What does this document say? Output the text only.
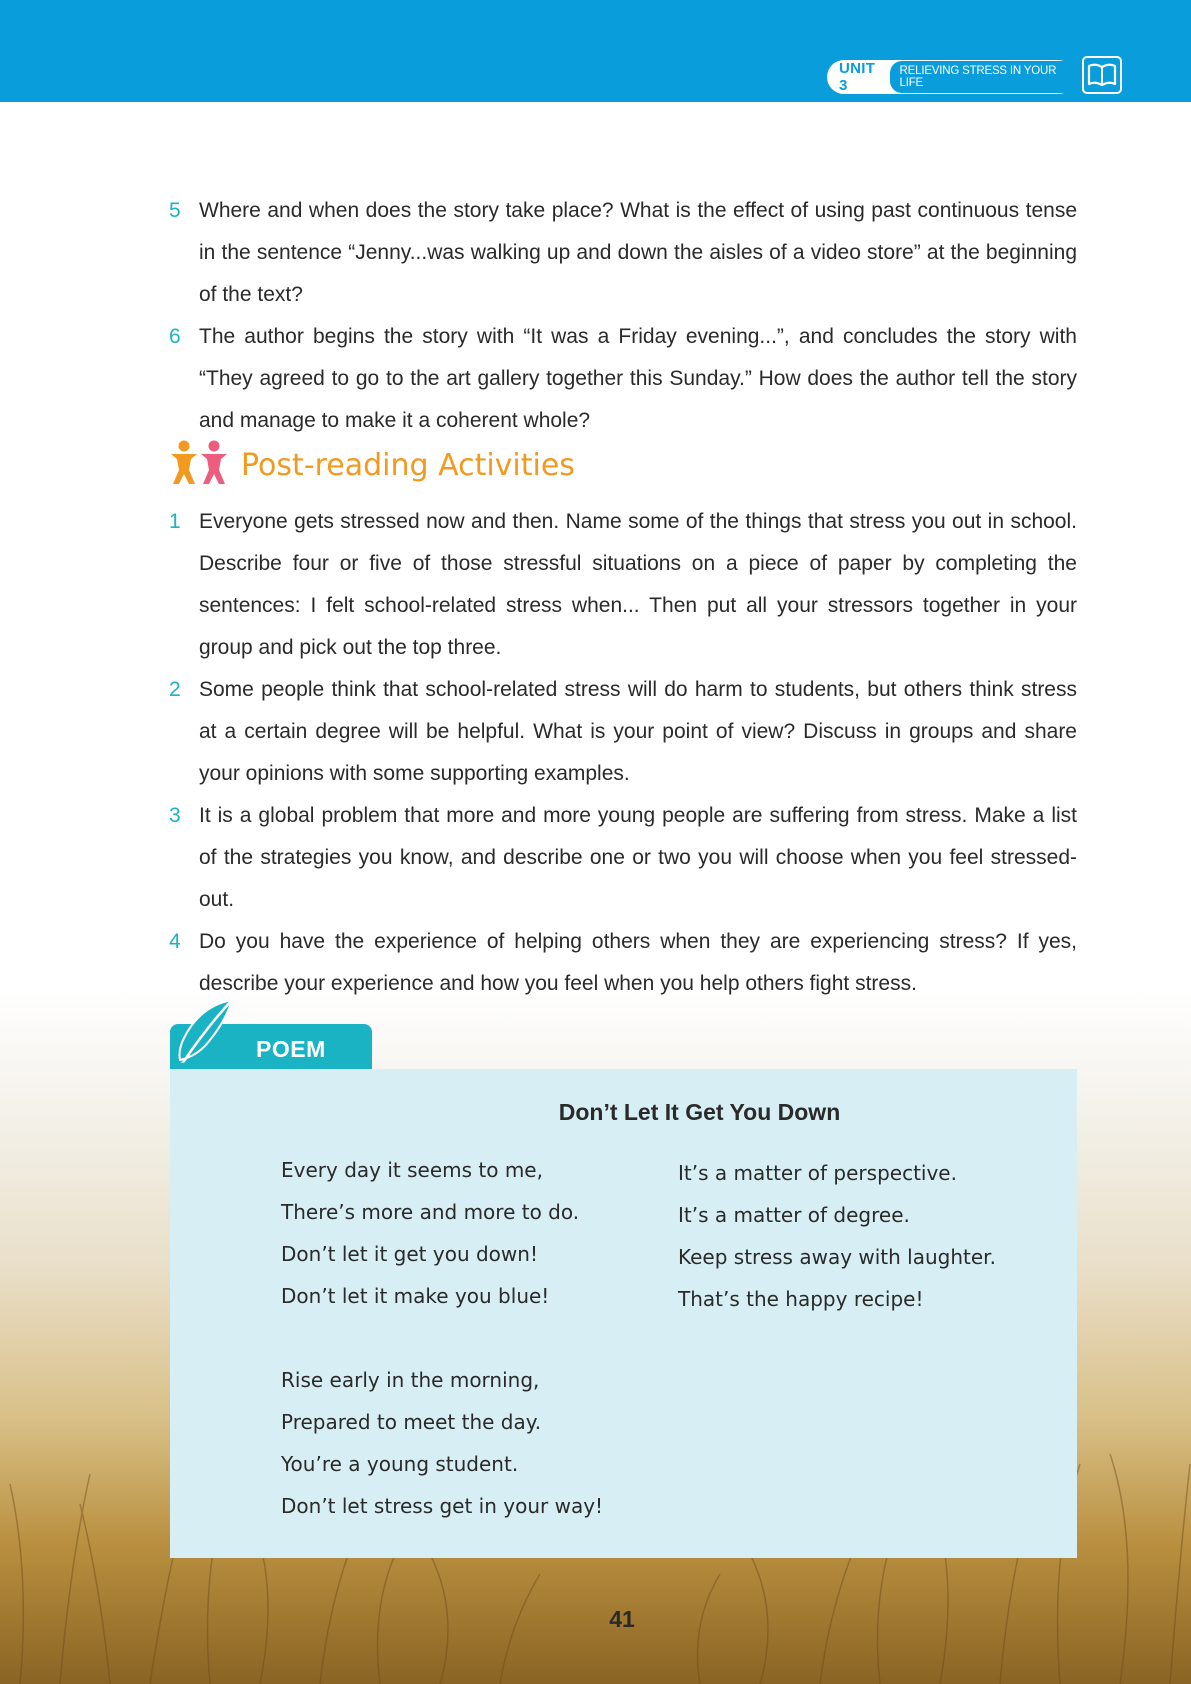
UNIT 3
RELIEVING STRESS IN YOUR LIFE
5 Where and when does the story take place? What is the effect of using past continuous tense in the sentence “Jenny...was walking up and down the aisles of a video store” at the beginning of the text?
6 The author begins the story with “It was a Friday evening...”, and concludes the story with “They agreed to go to the art gallery together this Sunday.” How does the author tell the story and manage to make it a coherent whole?
Post-reading Activities
1 Everyone gets stressed now and then. Name some of the things that stress you out in school. Describe four or five of those stressful situations on a piece of paper by completing the sentences: I felt school-related stress when... Then put all your stressors together in your group and pick out the top three.
2 Some people think that school-related stress will do harm to students, but others think stress at a certain degree will be helpful. What is your point of view? Discuss in groups and share your opinions with some supporting examples.
3 It is a global problem that more and more young people are suffering from stress. Make a list of the strategies you know, and describe one or two you will choose when you feel stressed-out.
4 Do you have the experience of helping others when they are experiencing stress? If yes, describe your experience and how you feel when you help others fight stress.
POEM
Don’t Let It Get You Down
Every day it seems to me,
There’s more and more to do.
Don’t let it get you down!
Don’t let it make you blue!
Rise early in the morning,
Prepared to meet the day.
You’re a young student.
Don’t let stress get in your way!
It’s a matter of perspective.
It’s a matter of degree.
Keep stress away with laughter.
That’s the happy recipe!
41
